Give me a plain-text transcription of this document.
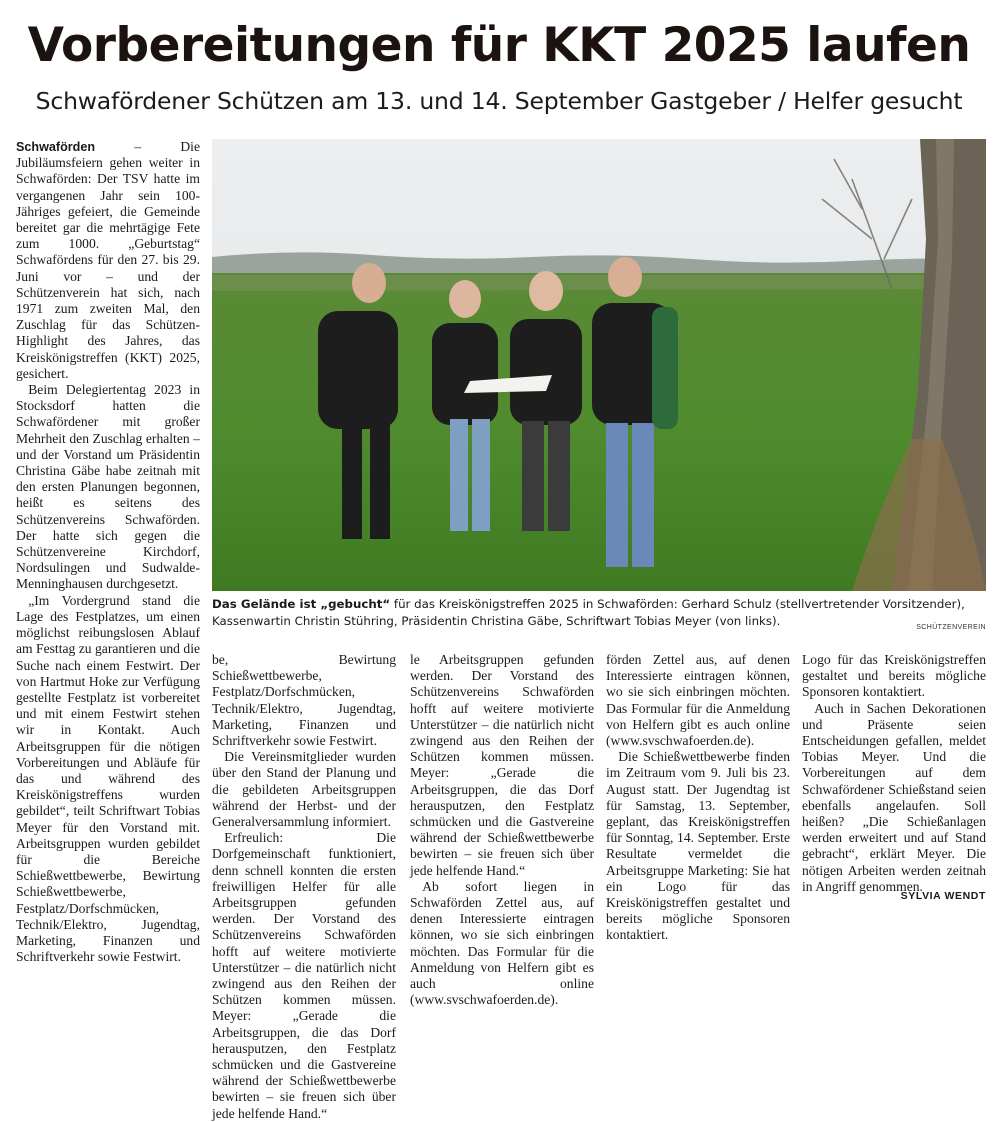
Vorbereitungen für KKT 2025 laufen
Schwafördener Schützen am 13. und 14. September Gastgeber / Helfer gesucht

Schwaförden – Die Jubiläumsfeiern gehen weiter in Schwaförden: Der TSV hatte im vergangenen Jahr sein 100-Jähriges gefeiert, die Gemeinde bereitet gar die mehrtägige Fete zum 1000. „Geburtstag“ Schwafördens für den 27. bis 29. Juni vor – und der Schützenverein hat sich, nach 1971 zum zweiten Mal, den Zuschlag für das Schützen-Highlight des Jahres, das Kreiskönigstreffen (KKT) 2025, gesichert.

Beim Delegiertentag 2023 in Stocksdorf hatten die Schwafördener mit großer Mehrheit den Zuschlag erhalten – und der Vorstand um Präsidentin Christina Gäbe habe zeitnah mit den ersten Planungen begonnen, heißt es seitens des Schützenvereins Schwaförden. Der hatte sich gegen die Schützenvereine Kirchdorf, Nordsulingen und Sudwalde-Menninghausen durchgesetzt.

„Im Vordergrund stand die Lage des Festplatzes, um einen möglichst reibungslosen Ablauf am Festtag zu garantieren und die Suche nach einem Festwirt. Der von Hartmut Hoke zur Verfügung gestellte Festplatz ist vorbereitet und mit einem Festwirt stehen wir in Kontakt. Auch Arbeitsgruppen für die nötigen Vorbereitungen und Abläufe für das und während des Kreiskönigstreffens wurden gebildet“, teilt Schriftwart Tobias Meyer für den Vorstand mit. Arbeitsgruppen wurden gebildet für die Bereiche Schießwettbewerbe, Bewirtung Schießwettbewerbe, Festplatz/Dorfschmücken, Technik/Elektro, Jugendtag, Marketing, Finanzen und Schriftverkehr sowie Festwirt.

be, Bewirtung Schießwettbewerbe, Festplatz/Dorfschmücken, Technik/Elektro, Jugendtag, Marketing, Finanzen und Schriftverkehr sowie Festwirt.

Die Vereinsmitglieder wurden über den Stand der Planung und die gebildeten Arbeitsgruppen während der Herbst- und der Generalversammlung informiert.

Erfreulich: Die Dorfgemeinschaft funktioniert, denn schnell konnten die ersten freiwilligen Helfer für alle Arbeitsgruppen gefunden werden. Der Vorstand des Schützenvereins Schwaförden hofft auf weitere motivierte Unterstützer – die natürlich nicht zwingend aus den Reihen der Schützen kommen müssen. Meyer: „Gerade die Arbeitsgruppen, die das Dorf herausputzen, den Festplatz schmücken und die Gastvereine während der Schießwettbewerbe bewirten – sie freuen sich über jede helfende Hand.“

le Arbeitsgruppen gefunden werden. Der Vorstand des Schützenvereins Schwaförden hofft auf weitere motivierte Unterstützer – die natürlich nicht zwingend aus den Reihen der Schützen kommen müssen. Meyer: „Gerade die Arbeitsgruppen, die das Dorf herausputzen, den Festplatz schmücken und die Gastvereine während der Schießwettbewerbe bewirten – sie freuen sich über jede helfende Hand.“

Ab sofort liegen in Schwaförden Zettel aus, auf denen Interessierte eintragen können, wo sie sich einbringen möchten. Das Formular für die Anmeldung von Helfern gibt es auch online (www.svschwafoerden.de).

förden Zettel aus, auf denen Interessierte eintragen können, wo sie sich einbringen möchten. Das Formular für die Anmeldung von Helfern gibt es auch online (www.svschwafoerden.de).

Die Schießwettbewerbe finden im Zeitraum vom 9. Juli bis 23. August statt. Der Jugendtag ist für Samstag, 13. September, geplant, das Kreiskönigstreffen für Sonntag, 14. September. Erste Resultate vermeldet die Arbeitsgruppe Marketing: Sie hat ein Logo für das Kreiskönigstreffen gestaltet und bereits mögliche Sponsoren kontaktiert.

Logo für das Kreiskönigstreffen gestaltet und bereits mögliche Sponsoren kontaktiert.

Auch in Sachen Dekorationen und Präsente seien Entscheidungen gefallen, meldet Tobias Meyer. Und die Vorbereitungen auf dem Schwafördener Schießstand seien ebenfalls angelaufen. Soll heißen? „Die Schießanlagen werden erweitert und auf Stand gebracht“, erklärt Meyer. Die nötigen Arbeiten werden zeitnah in Angriff genommen.

Das Gelände ist „gebucht“ für das Kreiskönigstreffen 2025 in Schwaförden: Gerhard Schulz (stellvertretender Vorsitzender), Kassenwartin Christin Stühring, Präsidentin Christina Gäbe, Schriftwart Tobias Meyer (von links).	SCHÜTZENVEREIN
SYLVIA WENDT
